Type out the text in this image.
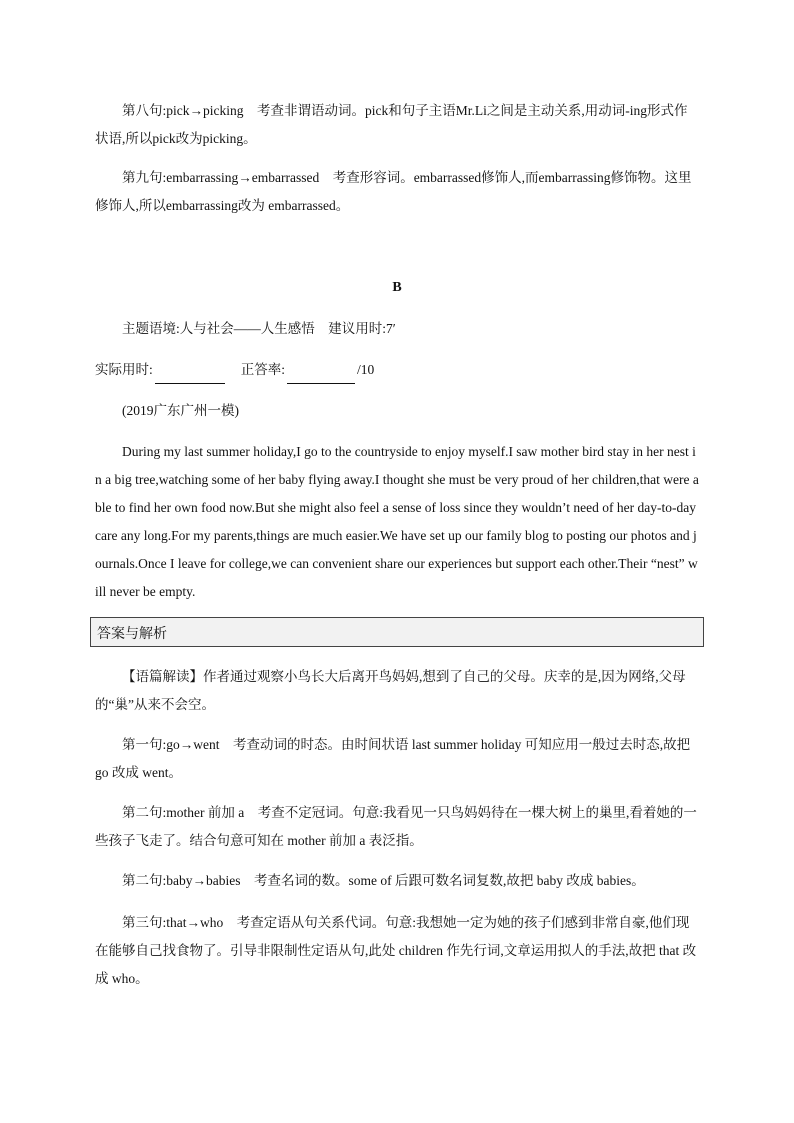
第八句:pick→picking　考查非谓语动词。pick和句子主语Mr.Li之间是主动关系,用动词-ing形式作状语,所以pick改为picking。

第九句:embarrassing→embarrassed　考查形容词。embarrassed修饰人,而embarrassing修饰物。这里修饰人,所以embarrassing改为 embarrassed。

B

主题语境:人与社会——人生感悟　建议用时:7′

实际用时:	正答率:	/10

(2019广东广州一模)

During my last summer holiday,I go to the countryside to enjoy myself.I saw mother bird stay in her nest in a big tree,watching some of her baby flying away.I thought she must be very proud of her children,that were able to find her own food now.But she might also feel a sense of loss since they wouldn’t need of her day-to-day care any long.For my parents,things are much easier.We have set up our family blog to posting our photos and journals.Once I leave for college,we can convenient share our experiences but support each other.Their “nest” will never be empty.

答案与解析

【语篇解读】作者通过观察小鸟长大后离开鸟妈妈,想到了自己的父母。庆幸的是,因为网络,父母的“巢”从来不会空。

第一句:go→went　考查动词的时态。由时间状语 last summer holiday 可知应用一般过去时态,故把 go 改成 went。

第二句:mother 前加 a　考查不定冠词。句意:我看见一只鸟妈妈待在一棵大树上的巢里,看着她的一些孩子飞走了。结合句意可知在 mother 前加 a 表泛指。

第二句:baby→babies　考查名词的数。some of 后跟可数名词复数,故把 baby 改成 babies。

第三句:that→who　考查定语从句关系代词。句意:我想她一定为她的孩子们感到非常自豪,他们现在能够自己找食物了。引导非限制性定语从句,此处 children 作先行词,文章运用拟人的手法,故把 that 改成 who。
